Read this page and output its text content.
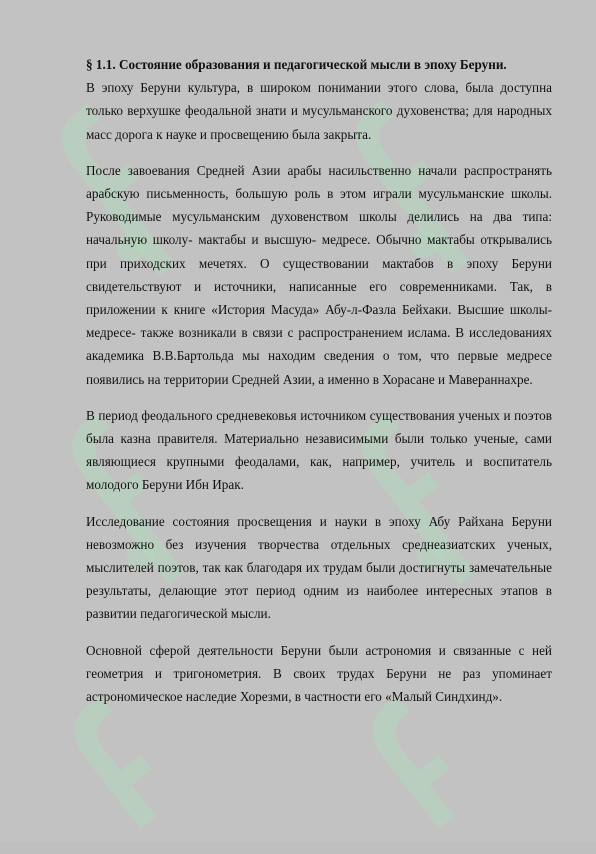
§ 1.1. Состояние образования и педагогической мысли в эпоху Беруни.

В эпоху Беруни культура, в широком понимании этого слова, была доступна только верхушке феодальной знати и мусульманского духовенства; для народных масс дорога к науке и просвещению была закрыта.

После завоевания Средней Азии арабы насильственно начали распространять арабскую письменность, большую роль в этом играли мусульманские школы. Руководимые мусульманским духовенством школы делились на два типа: начальную школу- мактабы и высшую- медресе. Обычно мактабы открывались при приходских мечетях. О существовании мактабов в эпоху Беруни свидетельствуют и источники, написанные его современниками. Так, в приложении к книге «История Масуда» Абу-л-Фазла Бейхаки. Высшие школы- медресе- также возникали в связи с распространением ислама. В исследованиях академика В.В.Бартольда мы находим сведения о том, что первые медресе появились на территории Средней Азии, а именно в Хорасане и Мавераннахре.

В период феодального средневековья источником существования ученых и поэтов была казна правителя. Материально независимыми были только ученые, сами являющиеся крупными феодалами, как, например, учитель и воспитатель молодого Беруни Ибн Ирак.

Исследование состояния просвещения и науки в эпоху Абу Райхана Беруни невозможно без изучения творчества отдельных среднеазиатских ученых, мыслителей поэтов, так как благодаря их трудам были достигнуты замечательные результаты, делающие этот период одним из наиболее интересных этапов в развитии педагогической мысли.

Основной сферой деятельности Беруни были астрономия и связанные с ней геометрия и тригонометрия. В своих трудах Беруни не раз упоминает астрономическое наследие Хорезми, в частности его «Малый Синдхинд».
